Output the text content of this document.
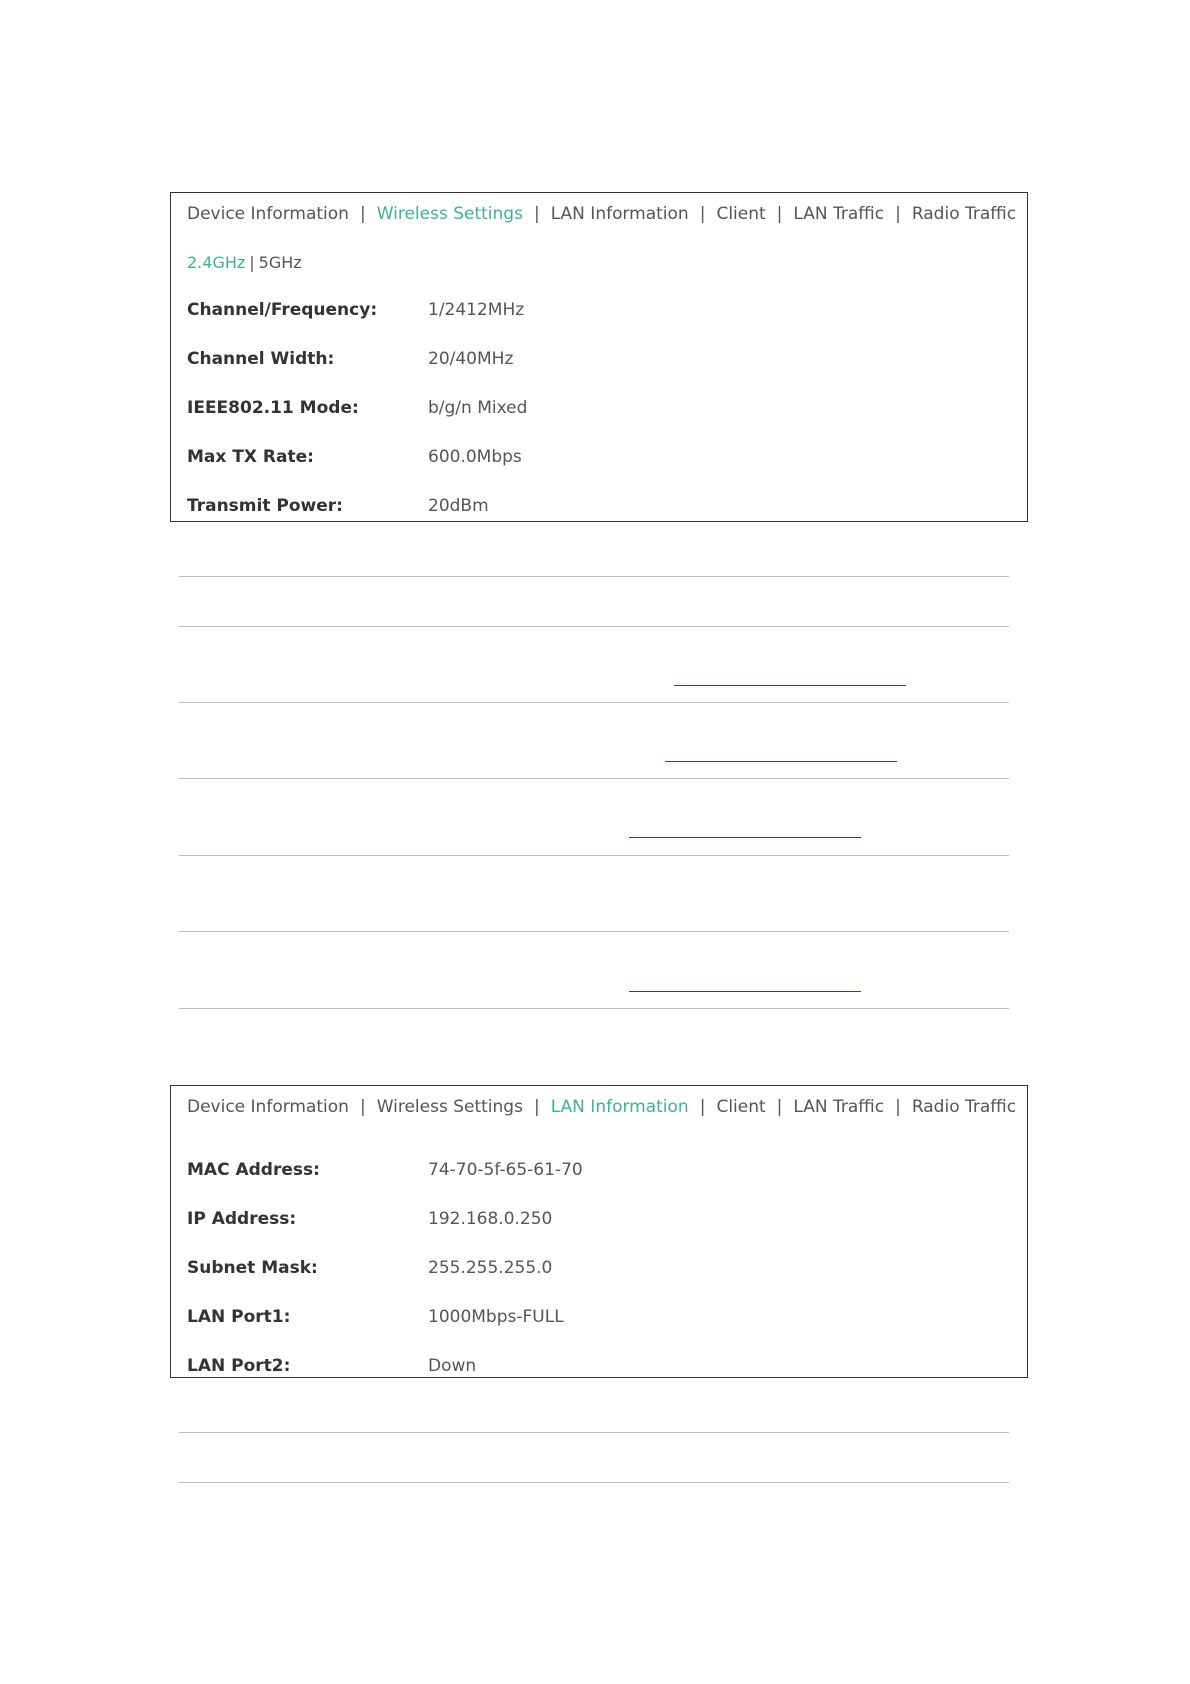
Device Information | Wireless Settings | LAN Information | Client | LAN Traffic | Radio Traffic
2.4GHz | 5GHz
Channel/Frequency:	1/2412MHz
Channel Width:	20/40MHz
IEEE802.11 Mode:	b/g/n Mixed
Max TX Rate:	600.0Mbps
Transmit Power:	20dBm
Device Information | Wireless Settings | LAN Information | Client | LAN Traffic | Radio Traffic
MAC Address:	74-70-5f-65-61-70
IP Address:	192.168.0.250
Subnet Mask:	255.255.255.0
LAN Port1:	1000Mbps-FULL
LAN Port2:	Down
